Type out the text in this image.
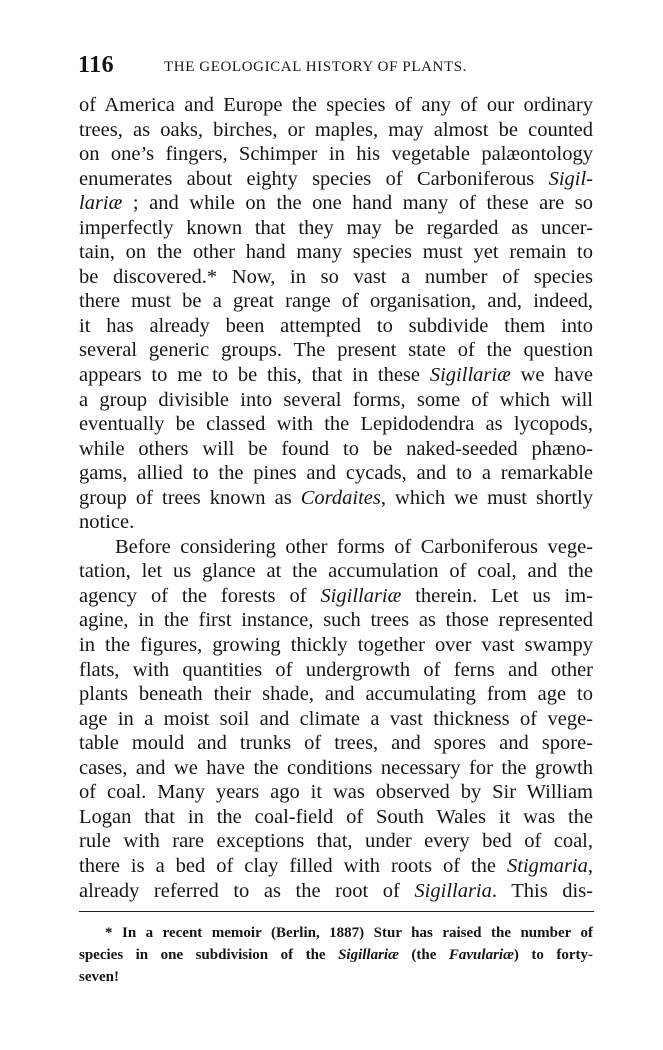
116	THE GEOLOGICAL HISTORY OF PLANTS.
of America and Europe the species of any of our ordinary
trees, as oaks, birches, or maples, may almost be counted
on one’s fingers, Schimper in his vegetable palæontology
enumerates about eighty species of Carboniferous Sigil-
lariæ ; and while on the one hand many of these are so
imperfectly known that they may be regarded as uncer-
tain, on the other hand many species must yet remain to
be discovered.* Now, in so vast a number of species
there must be a great range of organisation, and, indeed,
it has already been attempted to subdivide them into
several generic groups. The present state of the question
appears to me to be this, that in these Sigillariæ we have
a group divisible into several forms, some of which will
eventually be classed with the Lepidodendra as lycopods,
while others will be found to be naked-seeded phæno-
gams, allied to the pines and cycads, and to a remarkable
group of trees known as Cordaites, which we must shortly
notice.
Before considering other forms of Carboniferous vege-
tation, let us glance at the accumulation of coal, and the
agency of the forests of Sigillariæ therein. Let us im-
agine, in the first instance, such trees as those represented
in the figures, growing thickly together over vast swampy
flats, with quantities of undergrowth of ferns and other
plants beneath their shade, and accumulating from age to
age in a moist soil and climate a vast thickness of vege-
table mould and trunks of trees, and spores and spore-
cases, and we have the conditions necessary for the growth
of coal. Many years ago it was observed by Sir William
Logan that in the coal-field of South Wales it was the
rule with rare exceptions that, under every bed of coal,
there is a bed of clay filled with roots of the Stigmaria,
already referred to as the root of Sigillaria. This dis-
* In a recent memoir (Berlin, 1887) Stur has raised the number of
species in one subdivision of the Sigillariæ (the Favulariæ) to forty-
seven!
